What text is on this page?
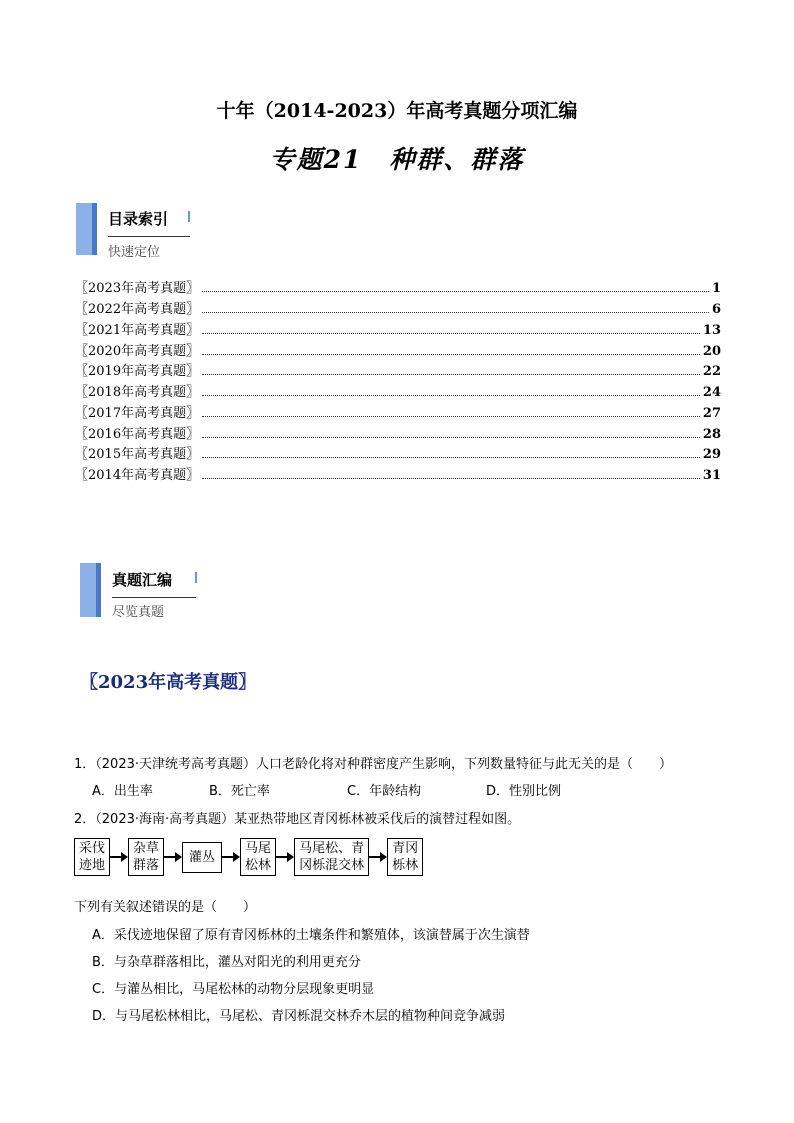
十年（2014-2023）年高考真题分项汇编
专题21　种群、群落
目录索引
快速定位
〖2023年高考真题〗	1
〖2022年高考真题〗	6
〖2021年高考真题〗	13
〖2020年高考真题〗	20
〖2019年高考真题〗	22
〖2018年高考真题〗	24
〖2017年高考真题〗	27
〖2016年高考真题〗	28
〖2015年高考真题〗	29
〖2014年高考真题〗	31
真题汇编
尽览真题
〖2023年高考真题〗
1．（2023·天津统考高考真题）人口老龄化将对种群密度产生影响，下列数量特征与此无关的是（　　）
A．出生率	B．死亡率	C．年龄结构	D．性别比例
2．（2023·海南·高考真题）某亚热带地区青冈栎林被采伐后的演替过程如图。
采伐
迹地
杂草
群落
灌丛
马尾
松林
马尾松、青
冈栎混交林
青冈
栎林
下列有关叙述错误的是（　　）
A．采伐迹地保留了原有青冈栎林的土壤条件和繁殖体，该演替属于次生演替
B．与杂草群落相比，灌丛对阳光的利用更充分
C．与灌丛相比，马尾松林的动物分层现象更明显
D．与马尾松林相比，马尾松、青冈栎混交林乔木层的植物种间竞争减弱
